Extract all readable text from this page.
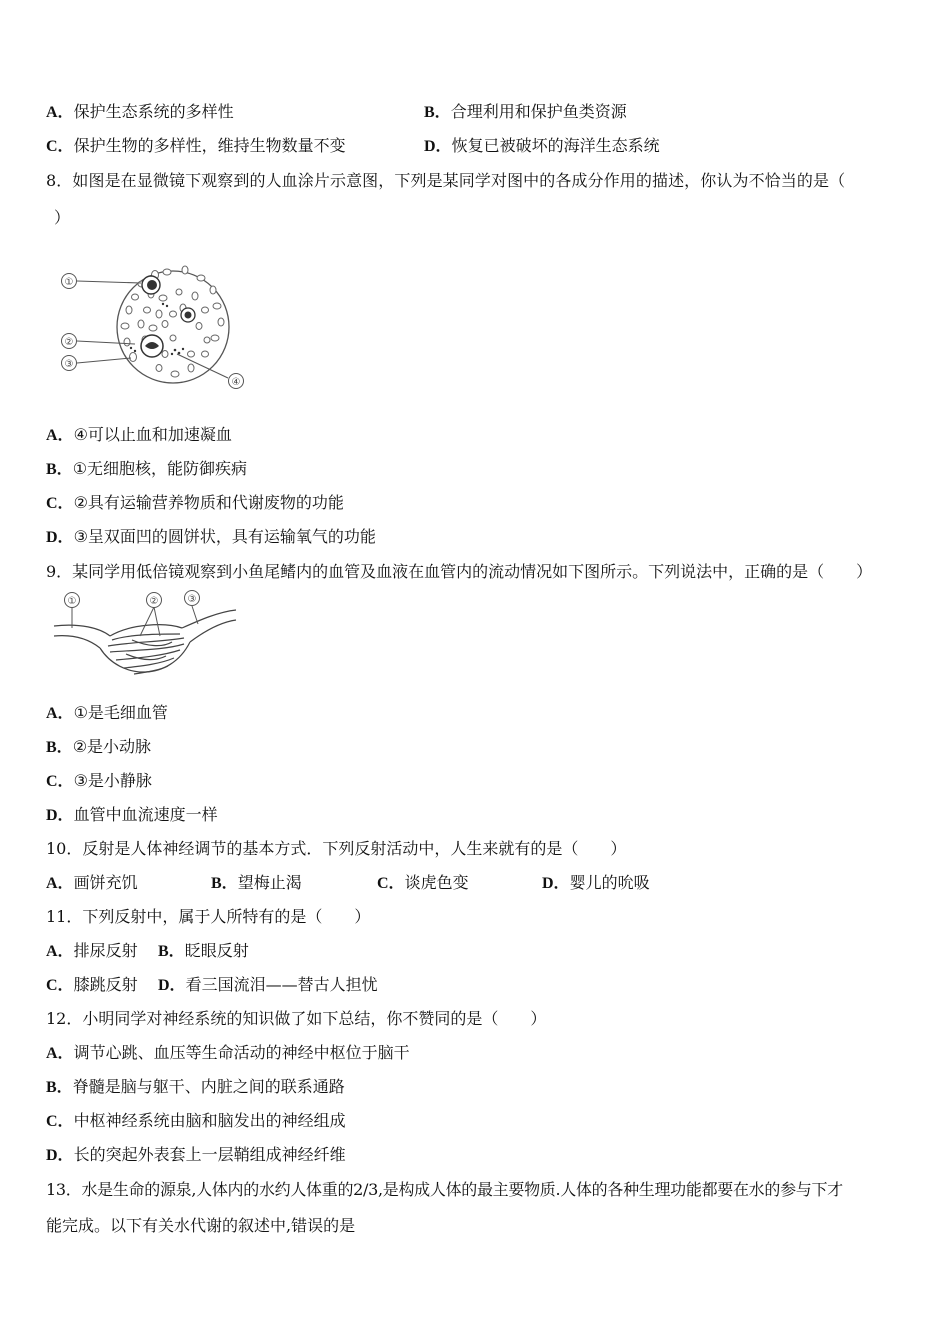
A．保护生态系统的多样性	B．合理利用和保护鱼类资源
C．保护生物的多样性，维持生物数量不变	D．恢复已被破坏的海洋生态系统
8．如图是在显微镜下观察到的人血涂片示意图，下列是某同学对图中的各成分作用的描述，你认为不恰当的是（
）
①
②
③
④
A．④可以止血和加速凝血
B．①无细胞核，能防御疾病
C．②具有运输营养物质和代谢废物的功能
D．③呈双面凹的圆饼状，具有运输氧气的功能
9．某同学用低倍镜观察到小鱼尾鳍内的血管及血液在血管内的流动情况如下图所示。下列说法中，正确的是（　　）
①	②	③
A．①是毛细血管
B．②是小动脉
C．③是小静脉
D．血管中血流速度一样
10．反射是人体神经调节的基本方式．下列反射活动中，人生来就有的是（　　）
A．画饼充饥	B．望梅止渴	C．谈虎色变	D．婴儿的吮吸
11．下列反射中，属于人所特有的是（　　）
A．排尿反射 B．眨眼反射
C．膝跳反射 D．看三国流泪——替古人担忧
12．小明同学对神经系统的知识做了如下总结，你不赞同的是（　　）
A．调节心跳、血压等生命活动的神经中枢位于脑干
B．脊髓是脑与躯干、内脏之间的联系通路
C．中枢神经系统由脑和脑发出的神经组成
D．长的突起外表套上一层鞘组成神经纤维
13．水是生命的源泉,人体内的水约人体重的2/3,是构成人体的最主要物质.人体的各种生理功能都要在水的参与下才
能完成。以下有关水代谢的叙述中,错误的是
